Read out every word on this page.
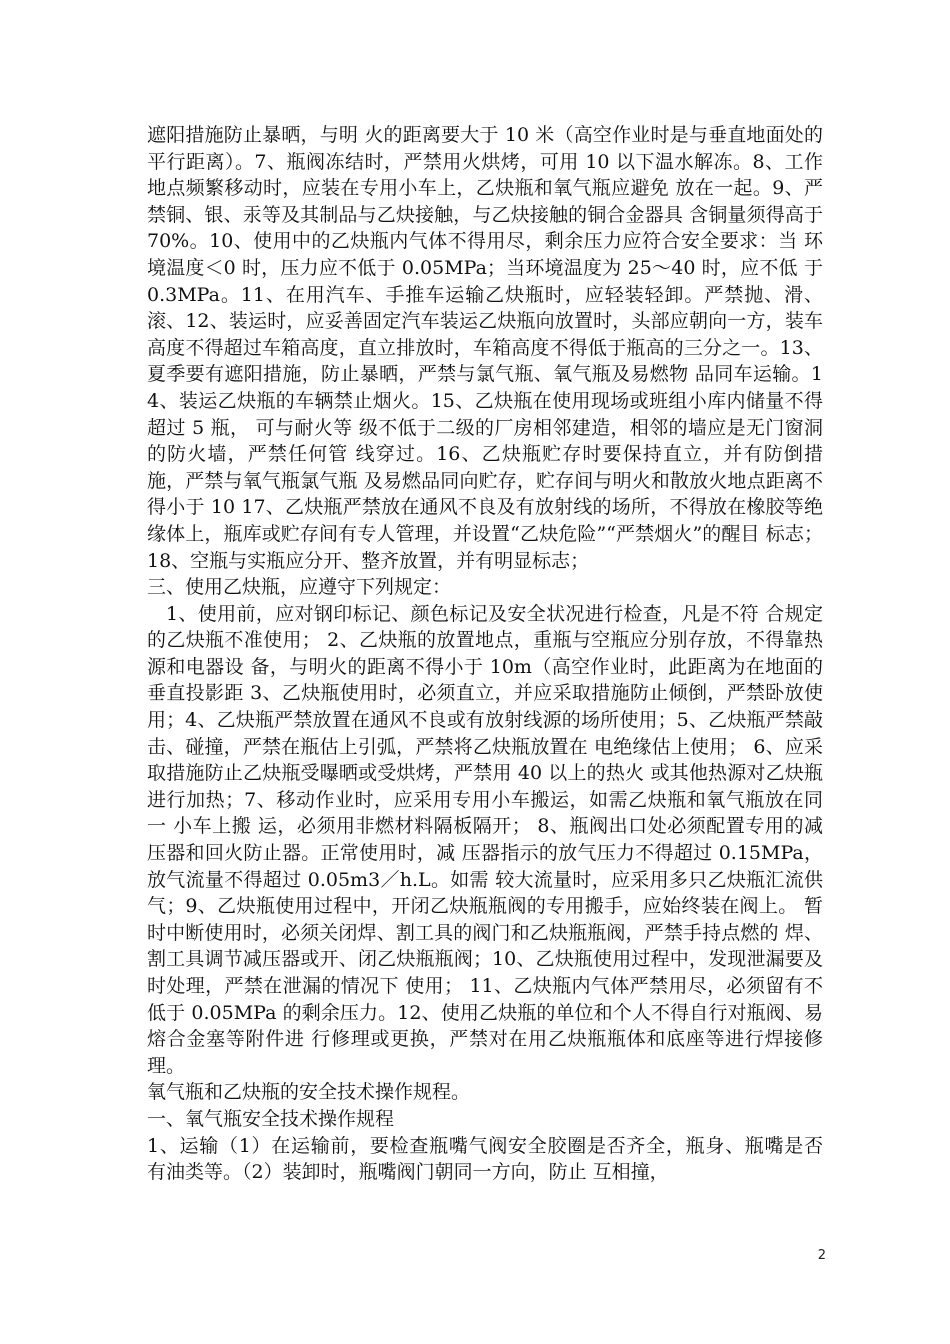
遮阳措施防止暴晒，与明 火的距离要大于 10 米（高空作业时是与垂直地面处的平行距离）。7、瓶阀冻结时，严禁用火烘烤，可用 10 以下温水解冻。8、工作地点频繁移动时，应装在专用小车上，乙炔瓶和氧气瓶应避免 放在一起。9、严禁铜、银、汞等及其制品与乙炔接触，与乙炔接触的铜合金器具 含铜量须得高于 70%。10、使用中的乙炔瓶内气体不得用尽，剩余压力应符合安全要求：当 环境温度＜0 时，压力应不低于 0.05MPa；当环境温度为 25～40 时，应不低 于 0.3MPa。11、在用汽车、手推车运输乙炔瓶时，应轻装轻卸。严禁抛、滑、滚、12、装运时，应妥善固定汽车装运乙炔瓶向放置时，头部应朝向一方，装车高度不得超过车箱高度，直立排放时，车箱高度不得低于瓶高的三分之一。13、夏季要有遮阳措施，防止暴晒，严禁与氯气瓶、氧气瓶及易燃物 品同车运输。14、装运乙炔瓶的车辆禁止烟火。15、乙炔瓶在使用现场或班组小库内储量不得超过 5 瓶， 可与耐火等 级不低于二级的厂房相邻建造，相邻的墙应是无门窗洞的防火墙，严禁任何管 线穿过。16、乙炔瓶贮存时要保持直立，并有防倒措施，严禁与氧气瓶氯气瓶 及易燃品同向贮存，贮存间与明火和散放火地点距离不得小于 10 17、乙炔瓶严禁放在通风不良及有放射线的场所，不得放在橡胶等绝缘体上，瓶库或贮存间有专人管理，并设置“乙炔危险”“严禁烟火”的醒目 标志；18、空瓶与实瓶应分开、整齐放置，并有明显标志；

三、使用乙炔瓶，应遵守下列规定：

1、使用前，应对钢印标记、颜色标记及安全状况进行检查，凡是不符 合规定的乙炔瓶不准使用； 2、乙炔瓶的放置地点，重瓶与空瓶应分别存放，不得靠热源和电器设 备，与明火的距离不得小于 10m（高空作业时，此距离为在地面的垂直投影距 3、乙炔瓶使用时，必须直立，并应采取措施防止倾倒，严禁卧放使用；4、乙炔瓶严禁放置在通风不良或有放射线源的场所使用；5、乙炔瓶严禁敲击、碰撞，严禁在瓶估上引弧，严禁将乙炔瓶放置在 电绝缘估上使用； 6、应采取措施防止乙炔瓶受曝晒或受烘烤，严禁用 40 以上的热火 或其他热源对乙炔瓶进行加热；7、移动作业时，应采用专用小车搬运，如需乙炔瓶和氧气瓶放在同一 小车上搬 运，必须用非燃材料隔板隔开； 8、瓶阀出口处必须配置专用的减压器和回火防止器。正常使用时，减 压器指示的放气压力不得超过 0.15MPa，放气流量不得超过 0.05m3／h.L。如需 较大流量时，应采用多只乙炔瓶汇流供气；9、乙炔瓶使用过程中，开闭乙炔瓶瓶阀的专用搬手，应始终装在阀上。 暂时中断使用时，必须关闭焊、割工具的阀门和乙炔瓶瓶阀，严禁手持点燃的 焊、割工具调节减压器或开、闭乙炔瓶瓶阀；10、乙炔瓶使用过程中，发现泄漏要及时处理，严禁在泄漏的情况下 使用； 11、乙炔瓶内气体严禁用尽，必须留有不低于 0.05MPa 的剩余压力。12、使用乙炔瓶的单位和个人不得自行对瓶阀、易熔合金塞等附件进 行修理或更换，严禁对在用乙炔瓶瓶体和底座等进行焊接修理。

氧气瓶和乙炔瓶的安全技术操作规程。

一、氧气瓶安全技术操作规程

1、运输（1）在运输前，要检查瓶嘴气阀安全胶圈是否齐全，瓶身、瓶嘴是否 有油类等。（2）装卸时，瓶嘴阀门朝同一方向，防止 互相撞，

2
